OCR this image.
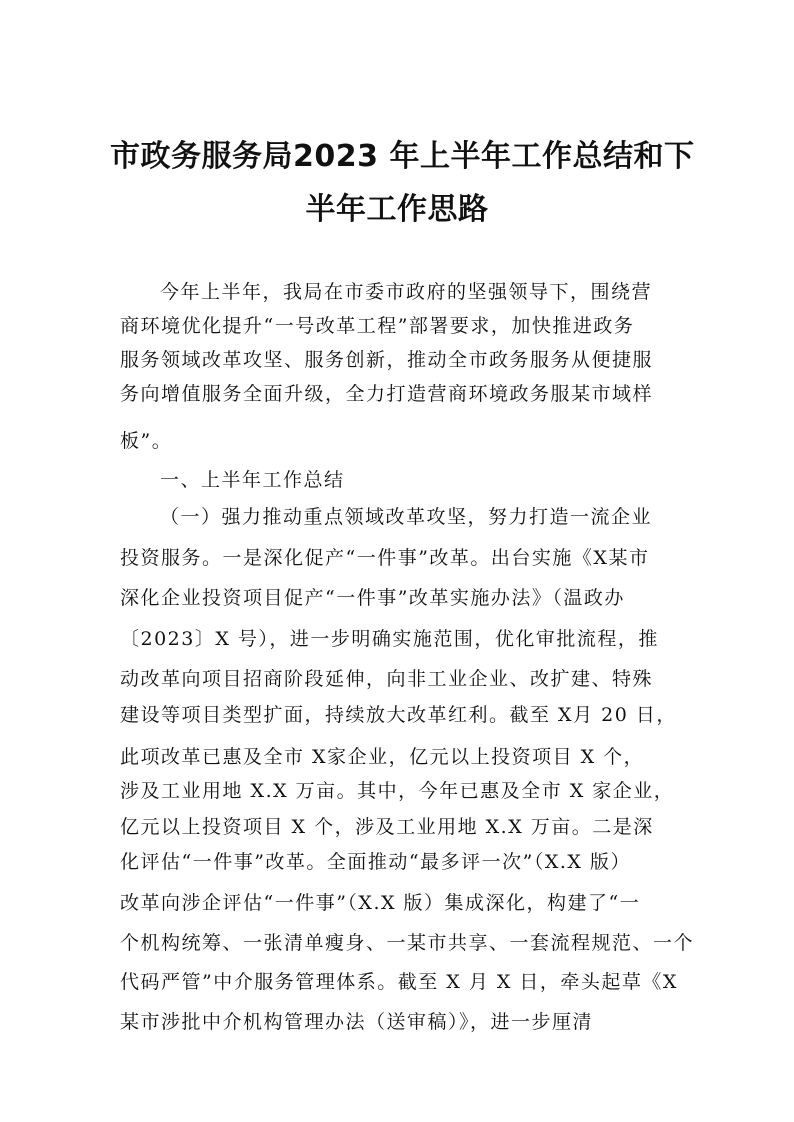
市政务服务局2023 年上半年工作总结和下
半年工作思路
今年上半年，我局在市委市政府的坚强领导下，围绕营
商环境优化提升“一号改革工程”部署要求，加快推进政务
服务领域改革攻坚、服务创新，推动全市政务服务从便捷服
务向增值服务全面升级，全力打造营商环境政务服某市域样
板”。
一、上半年工作总结
（一）强力推动重点领域改革攻坚，努力打造一流企业
投资服务。一是深化促产“一件事”改革。出台实施《X某市
深化企业投资项目促产“一件事”改革实施办法》（温政办
〔2023〕X 号），进一步明确实施范围，优化审批流程，推
动改革向项目招商阶段延伸，向非工业企业、改扩建、特殊
建设等项目类型扩面，持续放大改革红利。截至 X月 20 日，
此项改革已惠及全市 X家企业，亿元以上投资项目 X 个，
涉及工业用地 X.X 万亩。其中，今年已惠及全市 X 家企业，
亿元以上投资项目 X 个，涉及工业用地 X.X 万亩。二是深
化评估“一件事”改革。全面推动“最多评一次”（X.X 版）
改革向涉企评估“一件事”（X.X 版）集成深化，构建了“一
个机构统筹、一张清单瘦身、一某市共享、一套流程规范、一个
代码严管”中介服务管理体系。截至 X 月 X 日，牵头起草《X
某市涉批中介机构管理办法（送审稿）》，进一步厘清
